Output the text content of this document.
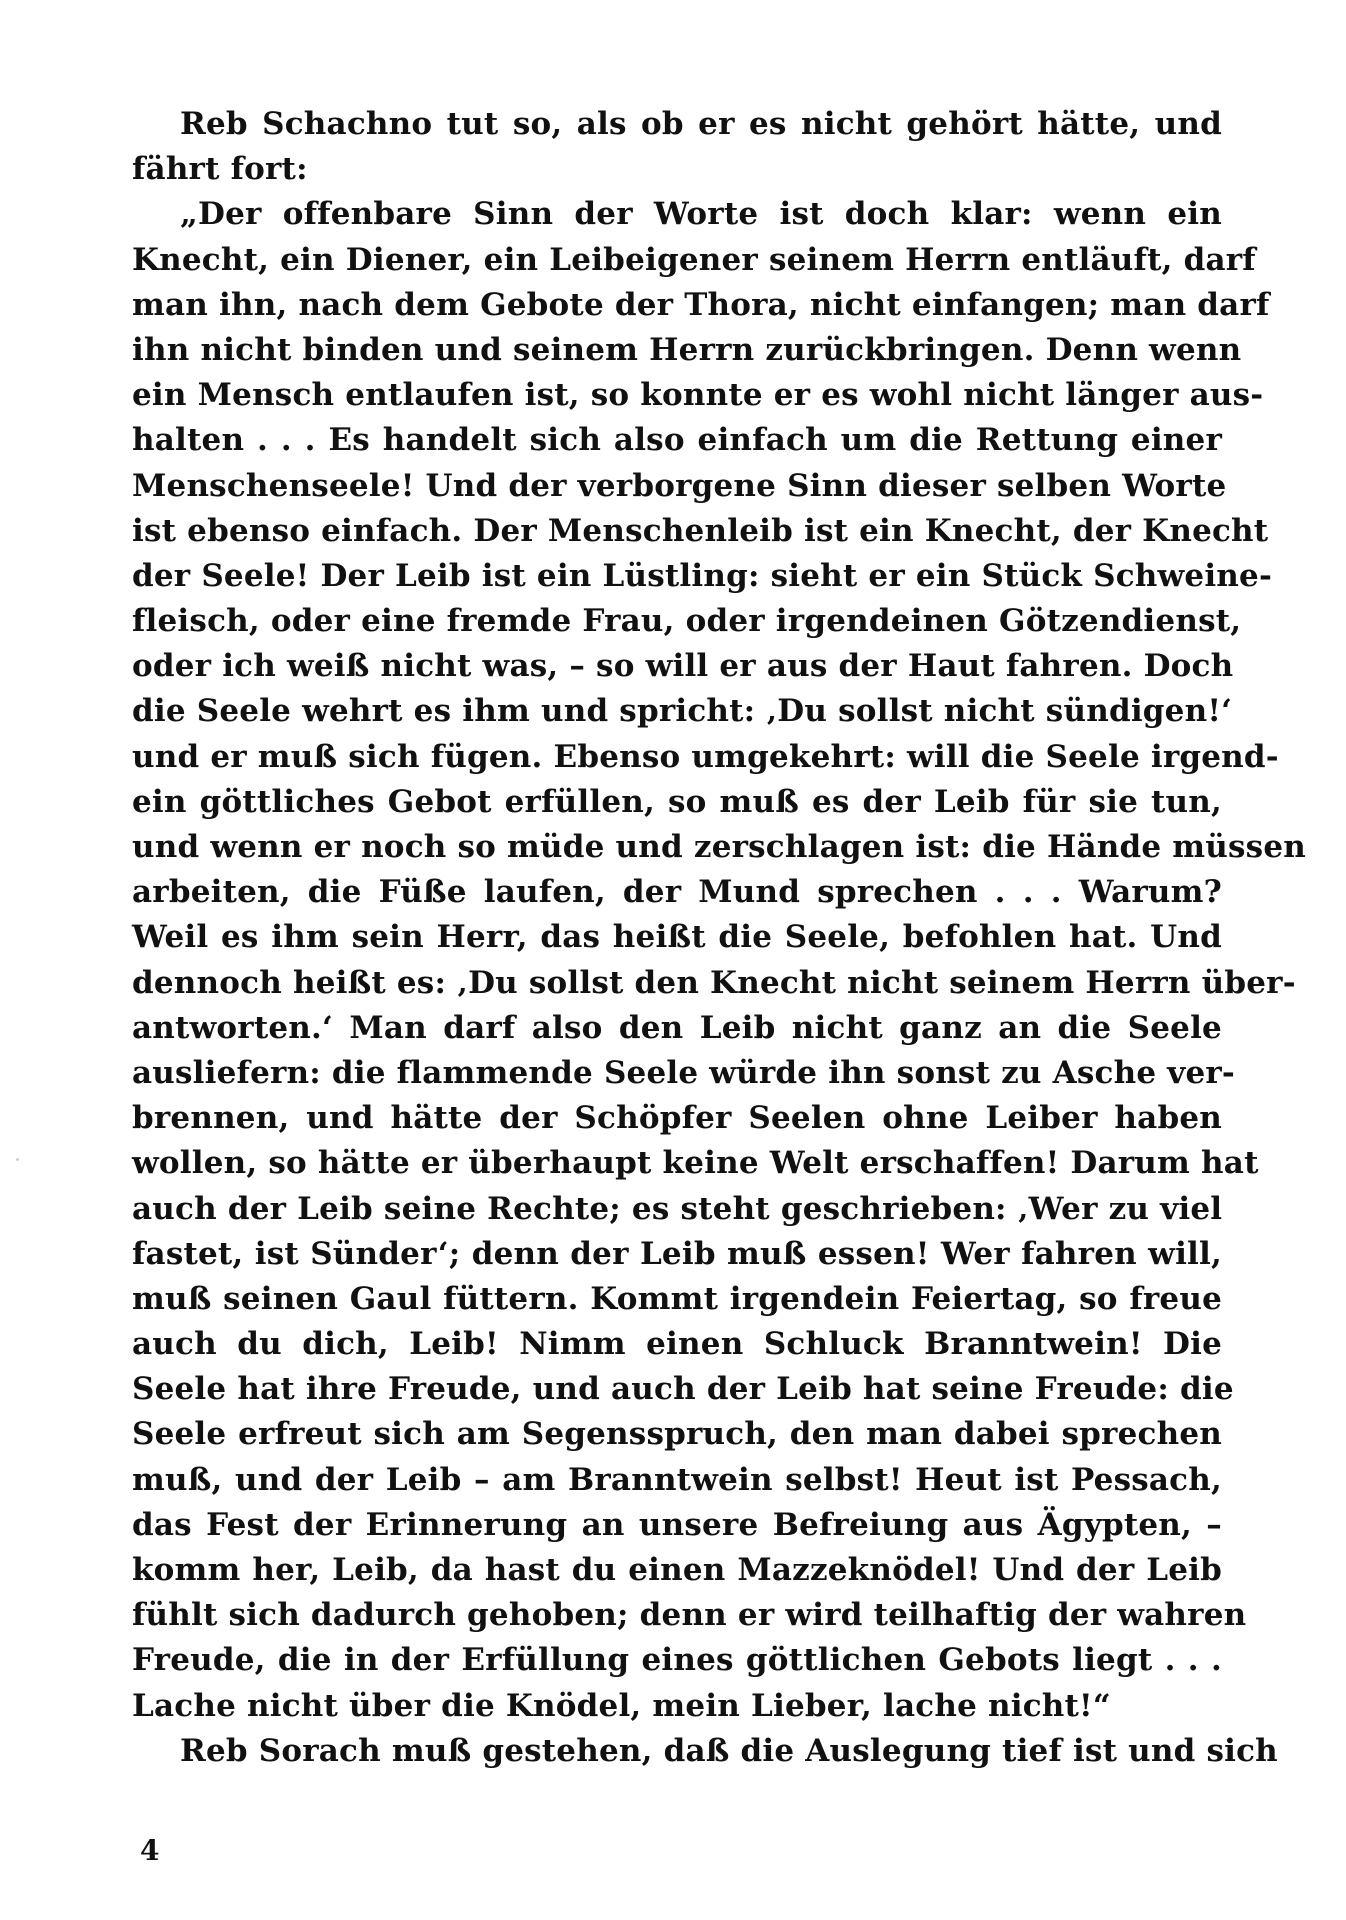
Reb Schachno tut so, als ob er es nicht gehört hätte, und
fährt fort:
„Der offenbare Sinn der Worte ist doch klar: wenn ein
Knecht, ein Diener, ein Leibeigener seinem Herrn entläuft, darf
man ihn, nach dem Gebote der Thora, nicht einfangen; man darf
ihn nicht binden und seinem Herrn zurückbringen. Denn wenn
ein Mensch entlaufen ist, so konnte er es wohl nicht länger aus-
halten . . . Es handelt sich also einfach um die Rettung einer
Menschenseele! Und der verborgene Sinn dieser selben Worte
ist ebenso einfach. Der Menschenleib ist ein Knecht, der Knecht
der Seele! Der Leib ist ein Lüstling: sieht er ein Stück Schweine-
fleisch, oder eine fremde Frau, oder irgendeinen Götzendienst,
oder ich weiß nicht was, – so will er aus der Haut fahren. Doch
die Seele wehrt es ihm und spricht: ‚Du sollst nicht sündigen!‘
und er muß sich fügen. Ebenso umgekehrt: will die Seele irgend-
ein göttliches Gebot erfüllen, so muß es der Leib für sie tun,
und wenn er noch so müde und zerschlagen ist: die Hände müssen
arbeiten, die Füße laufen, der Mund sprechen . . . Warum?
Weil es ihm sein Herr, das heißt die Seele, befohlen hat. Und
dennoch heißt es: ‚Du sollst den Knecht nicht seinem Herrn über-
antworten.‘ Man darf also den Leib nicht ganz an die Seele
ausliefern: die flammende Seele würde ihn sonst zu Asche ver-
brennen, und hätte der Schöpfer Seelen ohne Leiber haben
wollen, so hätte er überhaupt keine Welt erschaffen! Darum hat
auch der Leib seine Rechte; es steht geschrieben: ‚Wer zu viel
fastet, ist Sünder‘; denn der Leib muß essen! Wer fahren will,
muß seinen Gaul füttern. Kommt irgendein Feiertag, so freue
auch du dich, Leib! Nimm einen Schluck Branntwein! Die
Seele hat ihre Freude, und auch der Leib hat seine Freude: die
Seele erfreut sich am Segensspruch, den man dabei sprechen
muß, und der Leib – am Branntwein selbst! Heut ist Pessach,
das Fest der Erinnerung an unsere Befreiung aus Ägypten, –
komm her, Leib, da hast du einen Mazzeknödel! Und der Leib
fühlt sich dadurch gehoben; denn er wird teilhaftig der wahren
Freude, die in der Erfüllung eines göttlichen Gebots liegt . . .
Lache nicht über die Knödel, mein Lieber, lache nicht!“
Reb Sorach muß gestehen, daß die Auslegung tief ist und sich
4
